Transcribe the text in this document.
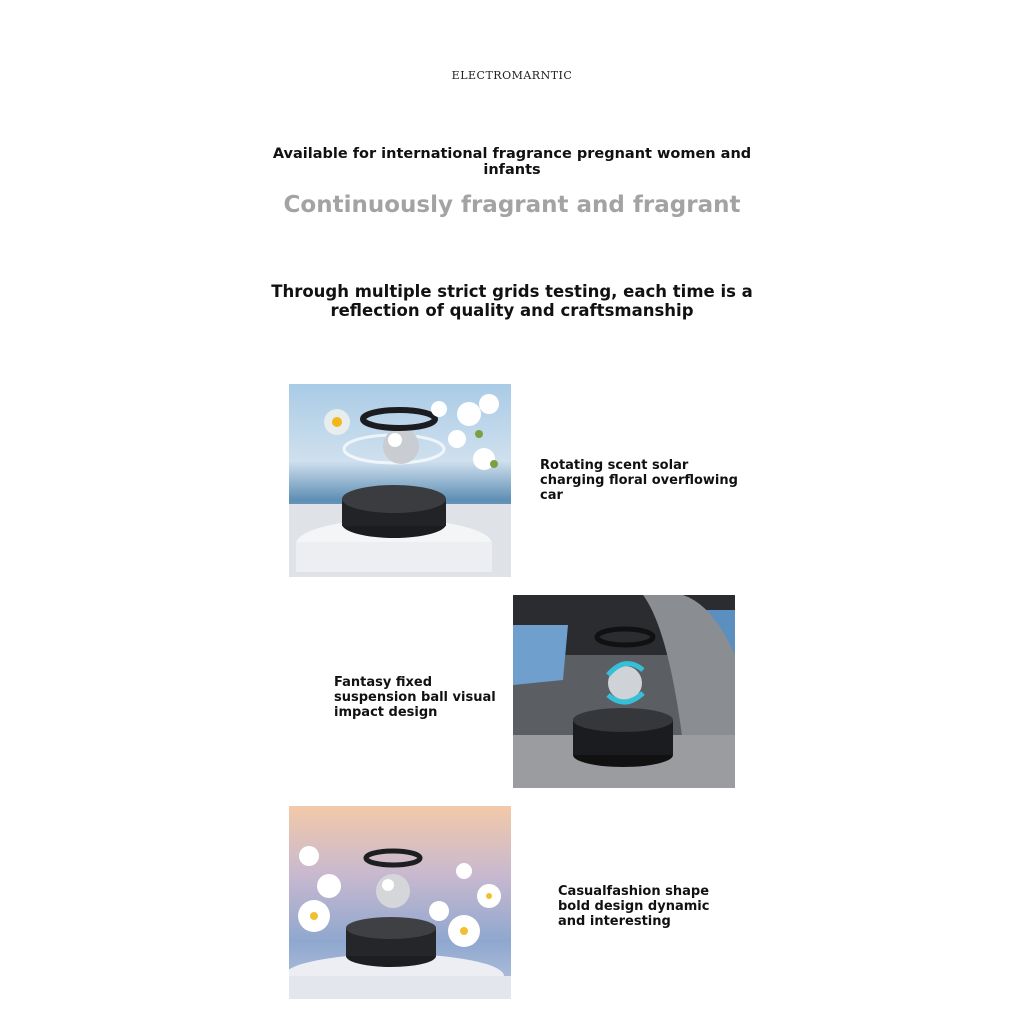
ELECTROMARNTIC
Available for international fragrance pregnant women and infants
Continuously fragrant and fragrant
Through multiple strict grids testing, each time is a reflection of quality and craftsmanship
Rotating scent solar charging floral overflowing car
Fantasy fixed suspension ball visual impact design
Casualfashion shape bold design dynamic and interesting
